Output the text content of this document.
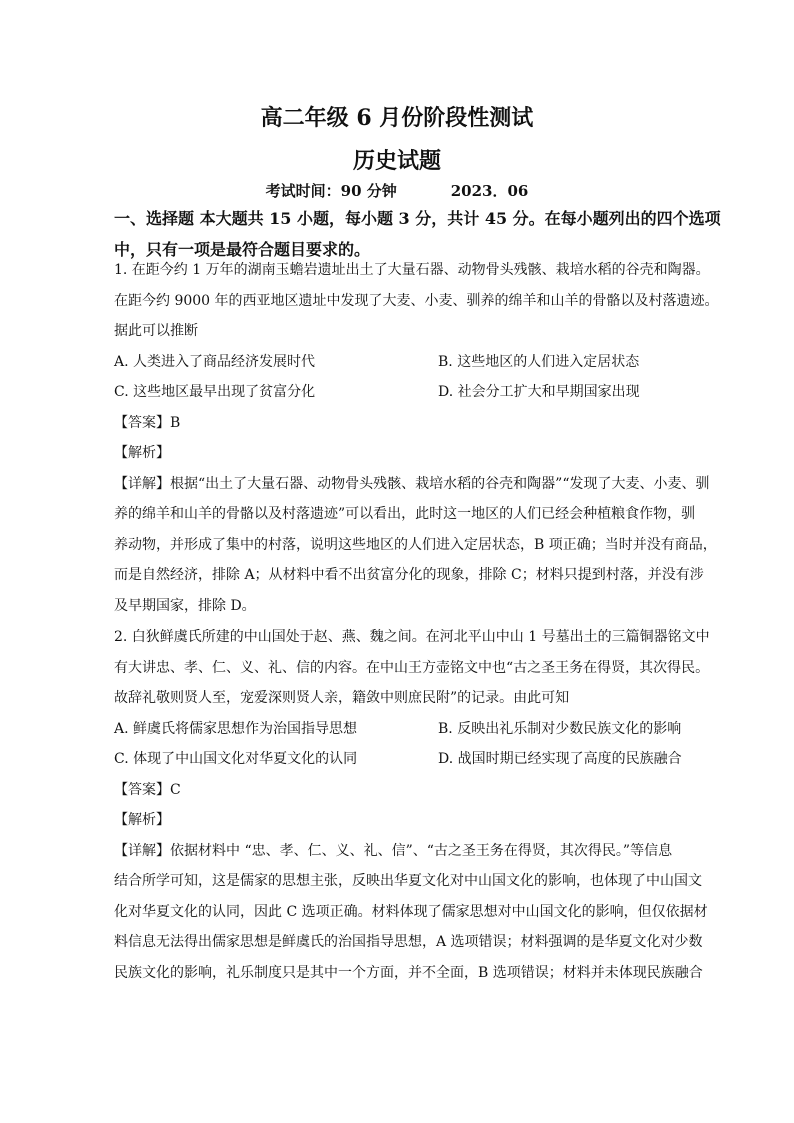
高二年级 6 月份阶段性测试
历史试题
考试时间：90 分钟	2023．06
一、选择题 本大题共 15 小题，每小题 3 分，共计 45 分。在每小题列出的四个选项
中，只有一项是最符合题目要求的。
1. 在距今约 1 万年的湖南玉蟾岩遗址出土了大量石器、动物骨头残骸、栽培水稻的谷壳和陶器。
在距今约 9000 年的西亚地区遗址中发现了大麦、小麦、驯养的绵羊和山羊的骨骼以及村落遗迹。
据此可以推断
A. 人类进入了商品经济发展时代	B. 这些地区的人们进入定居状态
C. 这些地区最早出现了贫富分化	D. 社会分工扩大和早期国家出现
【答案】B
【解析】
【详解】根据“出土了大量石器、动物骨头残骸、栽培水稻的谷壳和陶器”“发现了大麦、小麦、驯
养的绵羊和山羊的骨骼以及村落遗迹”可以看出，此时这一地区的人们已经会种植粮食作物，驯
养动物，并形成了集中的村落，说明这些地区的人们进入定居状态，B 项正确；当时并没有商品，
而是自然经济，排除 A；从材料中看不出贫富分化的现象，排除 C；材料只提到村落，并没有涉
及早期国家，排除 D。
2. 白狄鲜虞氏所建的中山国处于赵、燕、魏之间。在河北平山中山 1 号墓出土的三篇铜器铭文中
有大讲忠、孝、仁、义、礼、信的内容。在中山王方壶铭文中也“古之圣王务在得贤，其次得民。
故辞礼敬则贤人至，宠爱深则贤人亲，籍敛中则庶民附”的记录。由此可知
A. 鲜虞氏将儒家思想作为治国指导思想	B. 反映出礼乐制对少数民族文化的影响
C. 体现了中山国文化对华夏文化的认同	D. 战国时期已经实现了高度的民族融合
【答案】C
【解析】
【详解】依据材料中 “忠、孝、仁、义、礼、信”、“古之圣王务在得贤，其次得民。”等信息
结合所学可知，这是儒家的思想主张，反映出华夏文化对中山国文化的影响，也体现了中山国文
化对华夏文化的认同，因此 C 选项正确。材料体现了儒家思想对中山国文化的影响，但仅依据材
料信息无法得出儒家思想是鲜虞氏的治国指导思想，A 选项错误；材料强调的是华夏文化对少数
民族文化的影响，礼乐制度只是其中一个方面，并不全面，B 选项错误；材料并未体现民族融合
